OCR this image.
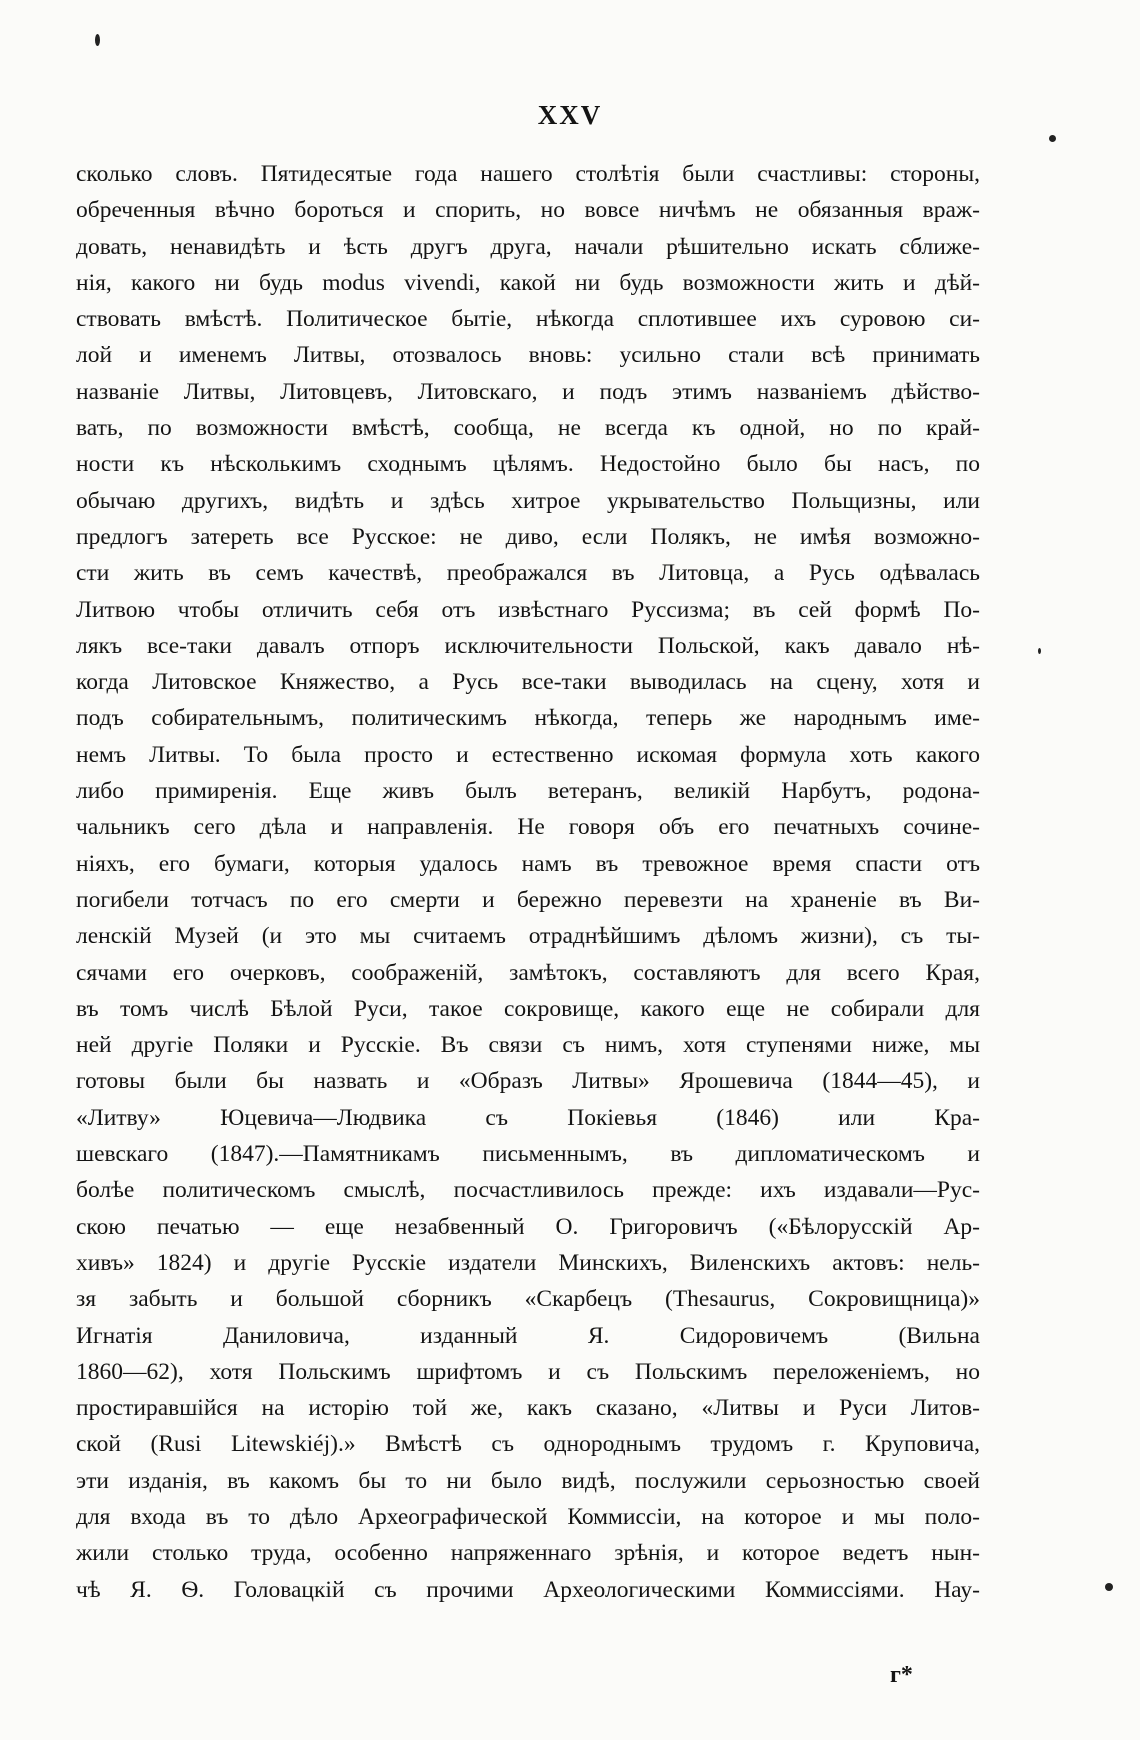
XXV
сколько словъ. Пятидесятые года нашего столѣтія были счастливы: стороны,
обреченныя вѣчно бороться и спорить, но вовсе ничѣмъ не обязанныя враж-
довать, ненавидѣть и ѣсть другъ друга, начали рѣшительно искать сближе-
нія, какого ни будь modus vivendi, какой ни будь возможности жить и дѣй-
ствовать вмѣстѣ. Политическое бытіе, нѣкогда сплотившее ихъ суровою си-
лой и именемъ Литвы, отозвалось вновь: усильно стали всѣ принимать
названіе Литвы, Литовцевъ, Литовскаго, и подъ этимъ названіемъ дѣйство-
вать, по возможности вмѣстѣ, сообща, не всегда къ одной, но по край-
ности къ нѣсколькимъ сходнымъ цѣлямъ. Недостойно было бы насъ, по
обычаю другихъ, видѣть и здѣсь хитрое укрывательство Польщизны, или
предлогъ затереть все Русское: не диво, если Полякъ, не имѣя возможно-
сти жить въ семъ качествѣ, преображался въ Литовца, а Русь одѣвалась
Литвою чтобы отличить себя отъ извѣстнаго Руссизма; въ сей формѣ По-
лякъ все-таки давалъ отпоръ исключительности Польской, какъ давало нѣ-
когда Литовское Княжество, а Русь все-таки выводилась на сцену, хотя и
подъ собирательнымъ, политическимъ нѣкогда, теперь же народнымъ име-
немъ Литвы. То была просто и естественно искомая формула хоть какого
либо примиренія. Еще живъ былъ ветеранъ, великій Нарбутъ, родона-
чальникъ сего дѣла и направленія. Не говоря объ его печатныхъ сочине-
ніяхъ, его бумаги, которыя удалось намъ въ тревожное время спасти отъ
погибели тотчасъ по его смерти и бережно перевезти на храненіе въ Ви-
ленскій Музей (и это мы считаемъ отраднѣйшимъ дѣломъ жизни), съ ты-
сячами его очерковъ, соображеній, замѣтокъ, составляютъ для всего Края,
въ томъ числѣ Бѣлой Руси, такое сокровище, какого еще не собирали для
ней другіе Поляки и Русскіе. Въ связи съ нимъ, хотя ступенями ниже, мы
готовы были бы назвать и «Образъ Литвы» Ярошевича (1844—45), и
«Литву» Юцевича—Людвика съ Покіевья (1846) или Кра-
шевскаго (1847).—Памятникамъ письменнымъ, въ дипломатическомъ и
болѣе политическомъ смыслѣ, посчастливилось прежде: ихъ издавали—Рус-
скою печатью — еще незабвенный О. Григоровичъ («Бѣлорусскій Ар-
хивъ» 1824) и другіе Русскіе издатели Минскихъ, Виленскихъ актовъ: нель-
зя забыть и большой сборникъ «Скарбецъ (Thesaurus, Сокровищница)»
Игнатія Даниловича, изданный Я. Сидоровичемъ (Вильна
1860—62), хотя Польскимъ шрифтомъ и съ Польскимъ переложеніемъ, но
простиравшійся на исторію той же, какъ сказано, «Литвы и Руси Литов-
ской (Rusi Litewskiéj).» Вмѣстѣ съ однороднымъ трудомъ г. Круповича,
эти изданія, въ какомъ бы то ни было видѣ, послужили серьозностью своей
для входа въ то дѣло Археографической Коммиссіи, на которое и мы поло-
жили столько труда, особенно напряженнаго зрѣнія, и которое ведетъ нын-
чѣ Я. Ѳ. Головацкій съ прочими Археологическими Коммиссіями. Нау-
г*
